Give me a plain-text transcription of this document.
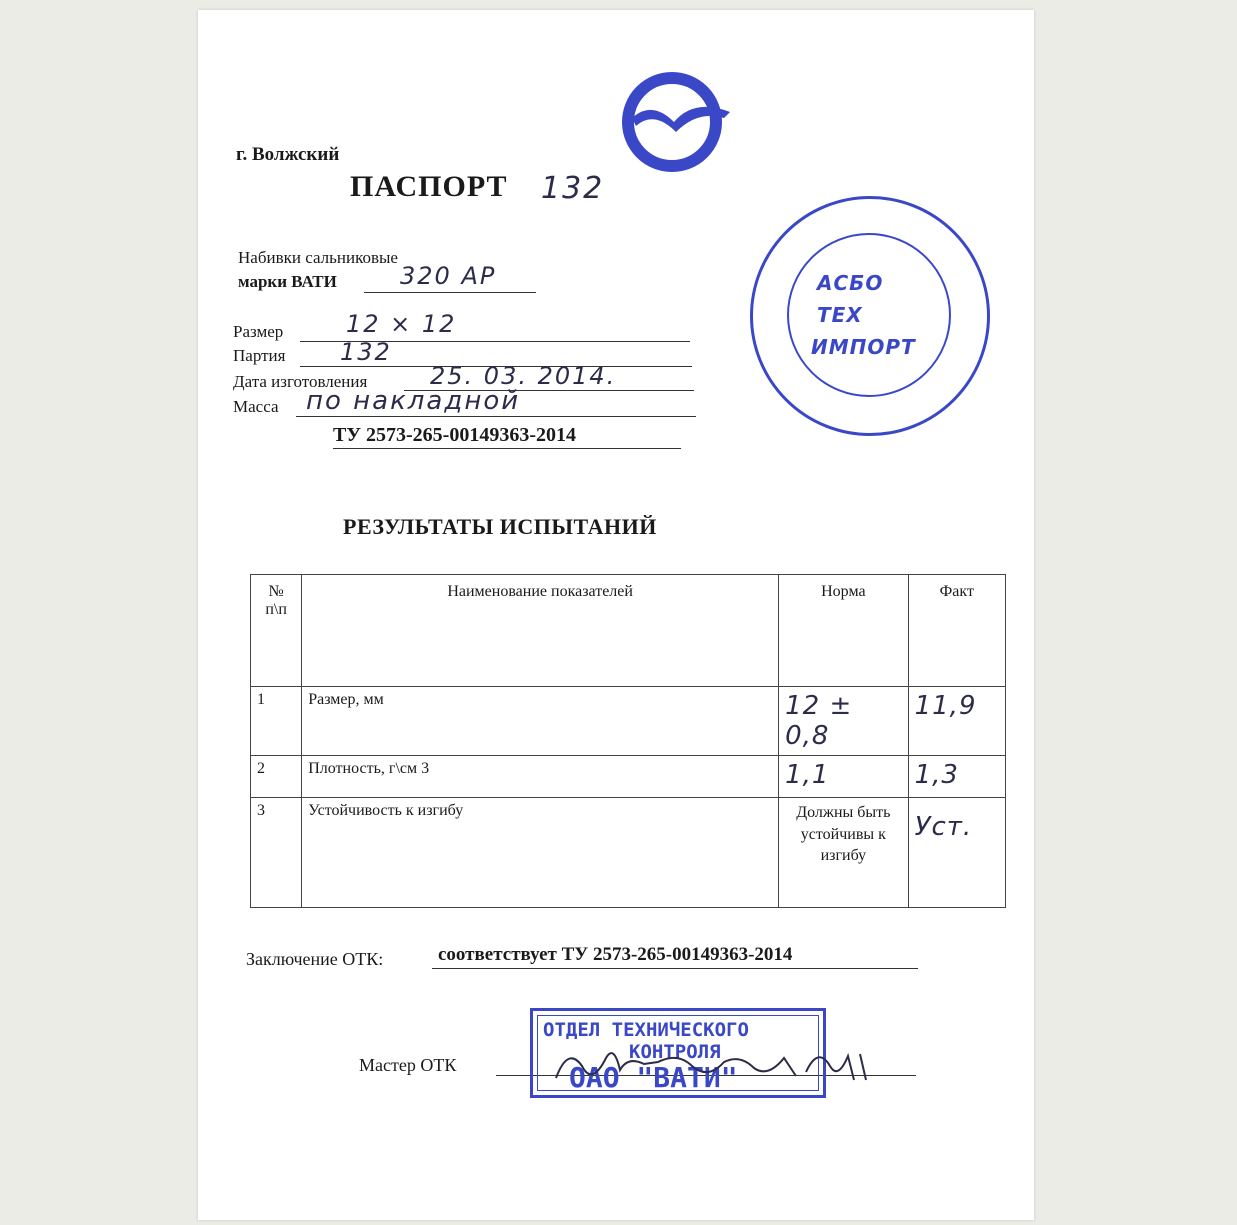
г. Волжский
ПАСПОРТ 132
Набивки сальниковые
марки ВАТИ	320 АР
Размер	12 × 12
Партия 132
Дата изготовления	25. 03. 2014.
Масса по накладной
ТУ 2573-265-00149363-2014
АСБО
ТЕХ
ИМПОРТ
РЕЗУЛЬТАТЫ ИСПЫТАНИЙ
№ п\п	Наименование показателей	Норма	Факт
1	Размер, мм	12 ± 0,8	11,9
2	Плотность, г\см 3	1,1	1,3
3	Устойчивость к изгибу	Должны быть устойчивы к изгибу	Уст.
Заключение ОТК:	соответствует ТУ 2573-265-00149363-2014
Мастер ОТК
ОТДЕЛ ТЕХНИЧЕСКОГО
КОНТРОЛЯ
ОАО "ВАТИ"
